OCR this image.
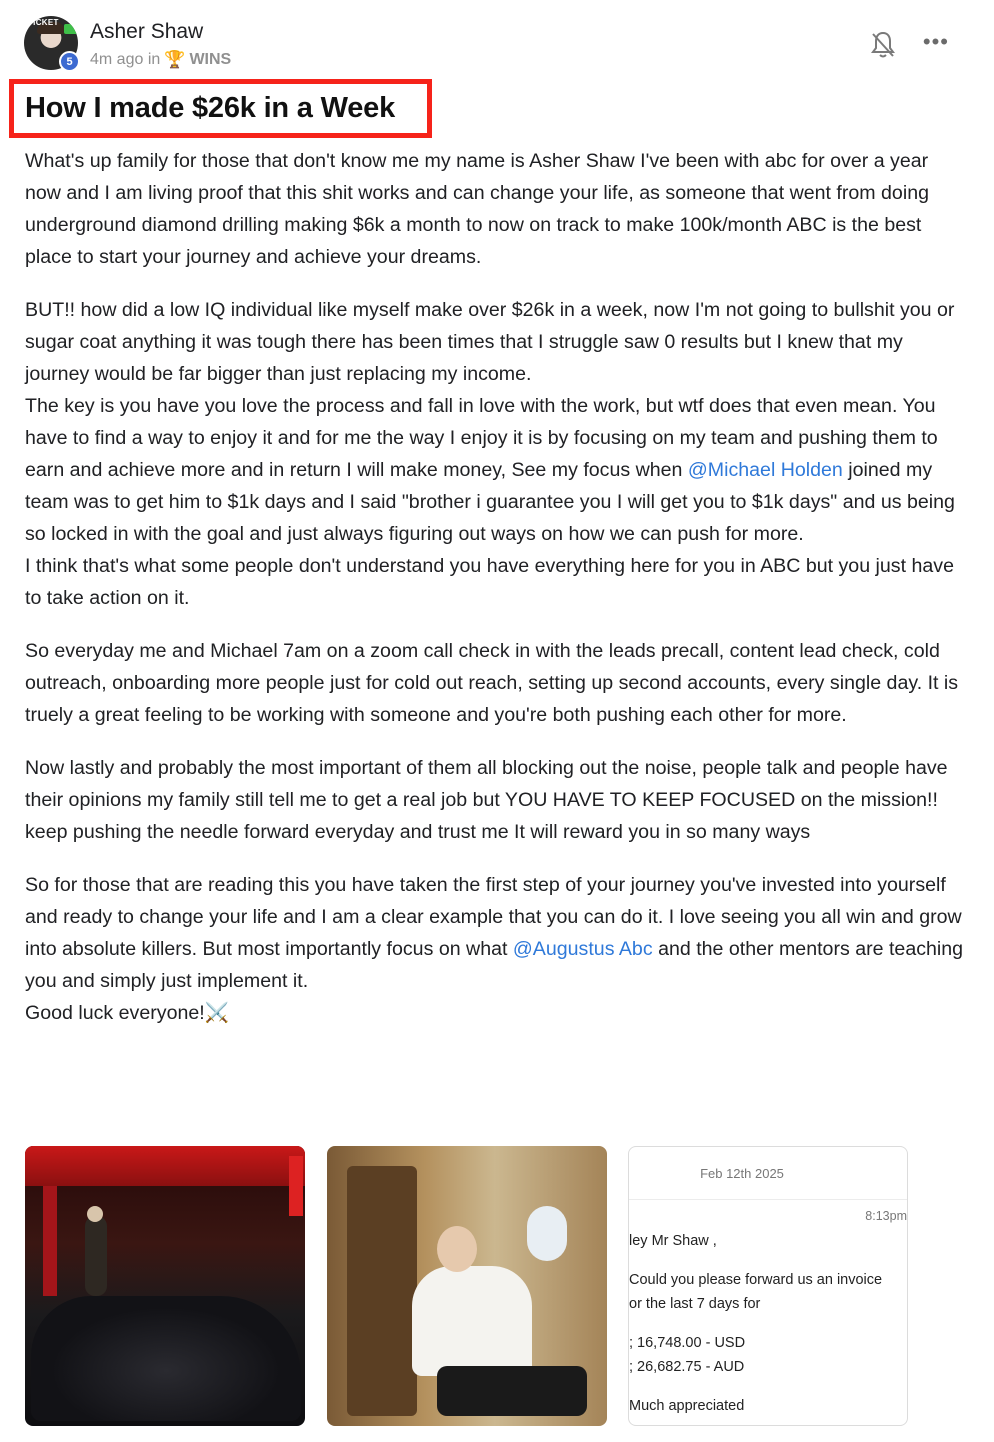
TICKET
5
Asher Shaw
4m ago in 🏆 WINS
•••
How I made $26k in a Week

What's up family for those that don't know me my name is Asher Shaw I've been with abc for over a year now and I am living proof that this shit works and can change your life, as someone that went from doing underground diamond drilling making $6k a month to now on track to make 100k/month ABC is the best place to start your journey and achieve your dreams.

BUT!! how did a low IQ individual like myself make over $26k in a week, now I'm not going to bullshit you or sugar coat anything it was tough there has been times that I struggle saw 0 results but I knew that my journey would be far bigger than just replacing my income.
The key is you have you love the process and fall in love with the work, but wtf does that even mean. You have to find a way to enjoy it and for me the way I enjoy it is by focusing on my team and pushing them to earn and achieve more and in return I will make money, See my focus when @Michael Holden joined my team was to get him to $1k days and I said "brother i guarantee you I will get you to $1k days" and us being so locked in with the goal and just always figuring out ways on how we can push for more.
I think that's what some people don't understand you have everything here for you in ABC but you just have to take action on it.

So everyday me and Michael 7am on a zoom call check in with the leads precall, content lead check, cold outreach, onboarding more people just for cold out reach, setting up second accounts, every single day. It is truely a great feeling to be working with someone and you're both pushing each other for more.

Now lastly and probably the most important of them all blocking out the noise, people talk and people have their opinions my family still tell me to get a real job but YOU HAVE TO KEEP FOCUSED on the mission!! keep pushing the needle forward everyday and trust me It will reward you in so many ways

So for those that are reading this you have taken the first step of your journey you've invested into yourself and ready to change your life and I am a clear example that you can do it. I love seeing you all win and grow into absolute killers. But most importantly focus on what @Augustus Abc and the other mentors are teaching you and simply just implement it.
Good luck everyone!⚔️

Feb 12th 2025
8:13pm
ley Mr Shaw ,
Could you please forward us an invoice
or the last 7 days for
; 16,748.00 - USD
; 26,682.75 - AUD
Much appreciated
